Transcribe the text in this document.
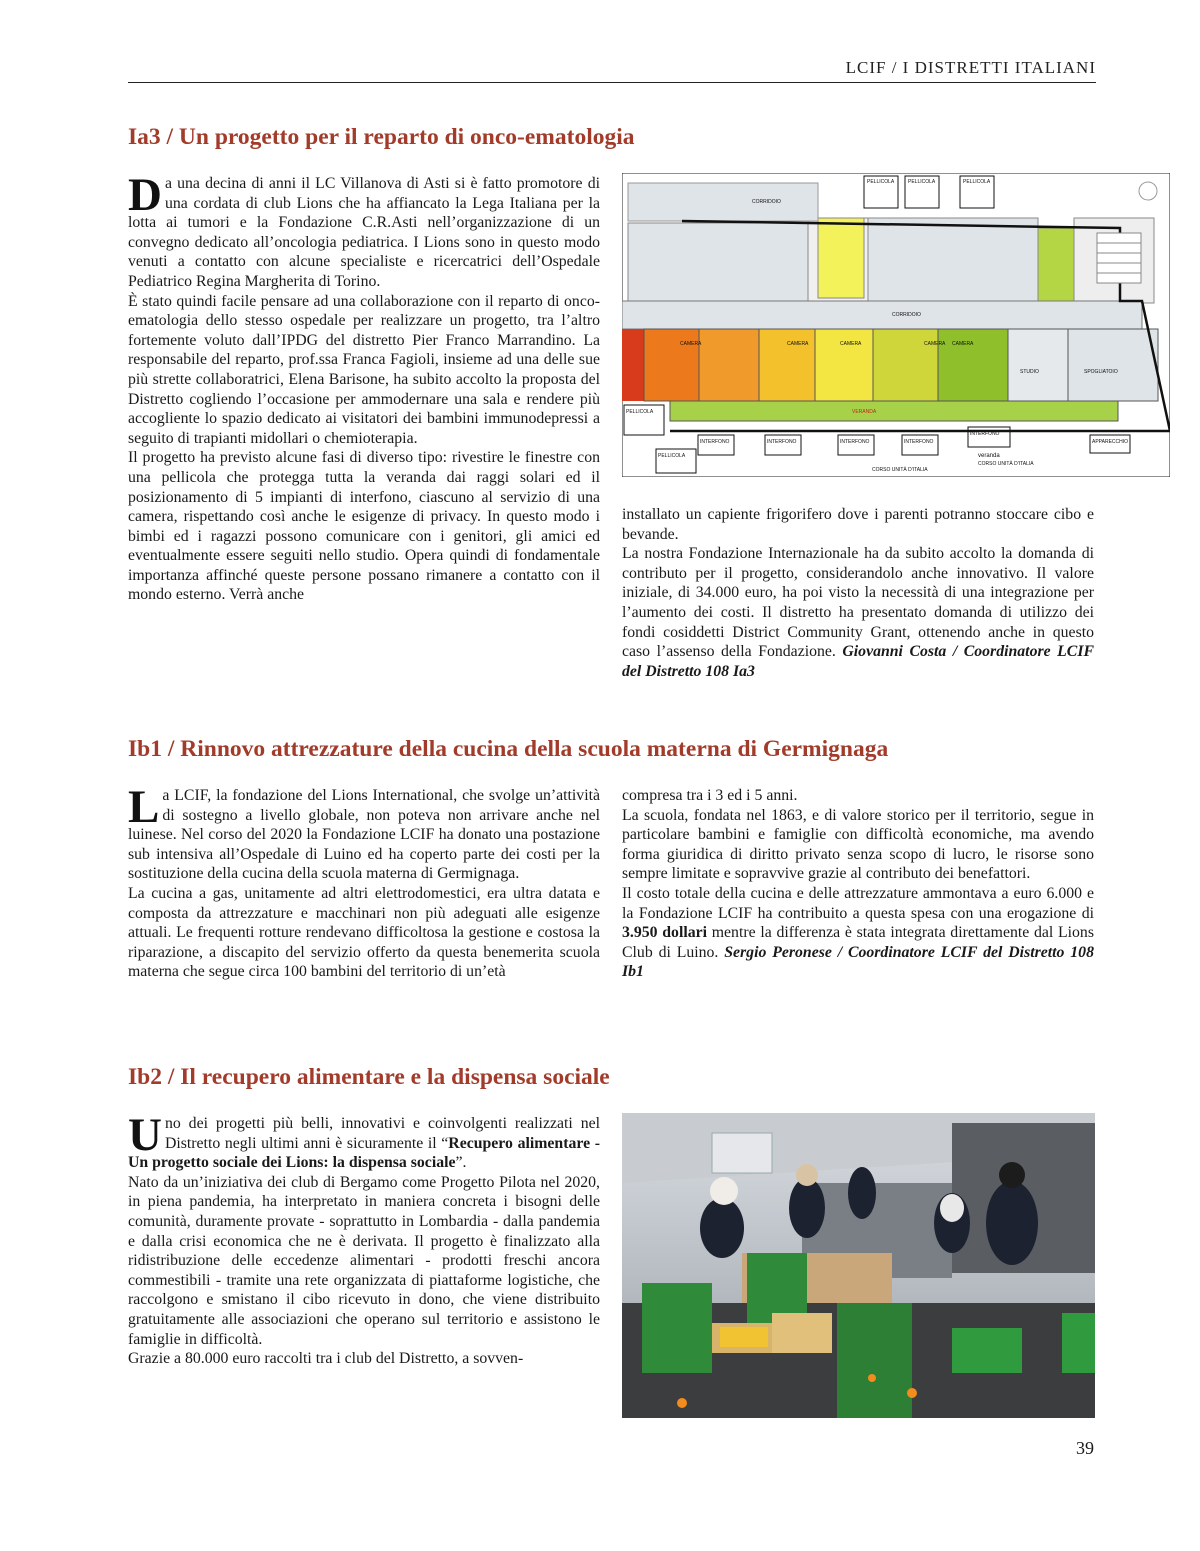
LCIF / I DISTRETTI ITALIANI
Ia3 / Un progetto per il reparto di onco-ematologia

Da una decina di anni il LC Villanova di Asti si è fatto promotore di una cordata di club Lions che ha affiancato la Lega Italiana per la lotta ai tumori e la Fondazione C.R.Asti nell’organizzazione di un convegno dedicato all’oncologia pediatrica. I Lions sono in questo modo venuti a contatto con alcune specialiste e ricercatrici dell’Ospedale Pediatrico Regina Margherita di Torino.

È stato quindi facile pensare ad una collaborazione con il reparto di onco-ematologia dello stesso ospedale per realizzare un progetto, tra l’altro fortemente voluto dall’IPDG del distretto Pier Franco Marrandino. La responsabile del reparto, prof.ssa Franca Fagioli, insieme ad una delle sue più strette collaboratrici, Elena Barisone, ha subito accolto la proposta del Distretto cogliendo l’occasione per ammodernare una sala e rendere più accogliente lo spazio dedicato ai visitatori dei bambini immunodepressi a seguito di trapianti midollari o chemioterapia.

Il progetto ha previsto alcune fasi di diverso tipo: rivestire le finestre con una pellicola che protegga tutta la veranda dai raggi solari ed il posizionamento di 5 impianti di interfono, ciascuno al servizio di una camera, rispettando così anche le esigenze di privacy. In questo modo i bimbi ed i ragazzi possono comunicare con i genitori, gli amici ed eventualmente essere seguiti nello studio. Opera quindi di fondamentale importanza affinché queste persone possano rimanere a contatto con il mondo esterno. Verrà anche

PELLICOLA	PELLICOLA	PELLICOLA
CORRIDOIO
CORRIDOIO
VERANDA
CAMERA	CAMERA	CAMERA	CAMERA CAMERA
STUDIO	SPOGLIATOIO
PELLICOLA
PELLICOLA
INTERFONO	INTERFONO	INTERFONO	INTERFONO
INTERFONO
APPARECCHIO
veranda
CORSO UNITÀ D'ITALIA
CORSO UNITÀ D'ITALIA

installato un capiente frigorifero dove i parenti potranno stoccare cibo e bevande.

La nostra Fondazione Internazionale ha da subito accolto la domanda di contributo per il progetto, considerandolo anche innovativo. Il valore iniziale, di 34.000 euro, ha poi visto la necessità di una integrazione per l’aumento dei costi. Il distretto ha presentato domanda di utilizzo dei fondi cosiddetti District Community Grant, ottenendo anche in questo caso l’assenso della Fondazione. Giovanni Costa / Coordinatore LCIF del Distretto 108 Ia3

Ib1 / Rinnovo attrezzature della cucina della scuola materna di Germignaga

La LCIF, la fondazione del Lions International, che svolge un’attività di sostegno a livello globale, non poteva non arrivare anche nel luinese. Nel corso del 2020 la Fondazione LCIF ha donato una postazione sub intensiva all’Ospedale di Luino ed ha coperto parte dei costi per la sostituzione della cucina della scuola materna di Germignaga.

La cucina a gas, unitamente ad altri elettrodomestici, era ultra datata e composta da attrezzature e macchinari non più adeguati alle esigenze attuali. Le frequenti rotture rendevano difficoltosa la gestione e costosa la riparazione, a discapito del servizio offerto da questa benemerita scuola materna che segue circa 100 bambini del territorio di un’età

compresa tra i 3 ed i 5 anni.

La scuola, fondata nel 1863, e di valore storico per il territorio, segue in particolare bambini e famiglie con difficoltà economiche, ma avendo forma giuridica di diritto privato senza scopo di lucro, le risorse sono sempre limitate e sopravvive grazie al contributo dei benefattori.

Il costo totale della cucina e delle attrezzature ammontava a euro 6.000 e la Fondazione LCIF ha contribuito a questa spesa con una erogazione di 3.950 dollari mentre la differenza è stata integrata direttamente dal Lions Club di Luino. Sergio Peronese / Coordinatore LCIF del Distretto 108 Ib1

Ib2 / Il recupero alimentare e la dispensa sociale

Uno dei progetti più belli, innovativi e coinvolgenti realizzati nel Distretto negli ultimi anni è sicuramente il “Recupero alimentare - Un progetto sociale dei Lions: la dispensa sociale”.

Nato da un’iniziativa dei club di Bergamo come Progetto Pilota nel 2020, in piena pandemia, ha interpretato in maniera concreta i bisogni delle comunità, duramente provate - soprattutto in Lombardia - dalla pandemia e dalla crisi economica che ne è derivata. Il progetto è finalizzato alla ridistribuzione delle eccedenze alimentari - prodotti freschi ancora commestibili - tramite una rete organizzata di piattaforme logistiche, che raccolgono e smistano il cibo ricevuto in dono, che viene distribuito gratuitamente alle associazioni che operano sul territorio e assistono le famiglie in difficoltà.

Grazie a 80.000 euro raccolti tra i club del Distretto, a sovven-

39
